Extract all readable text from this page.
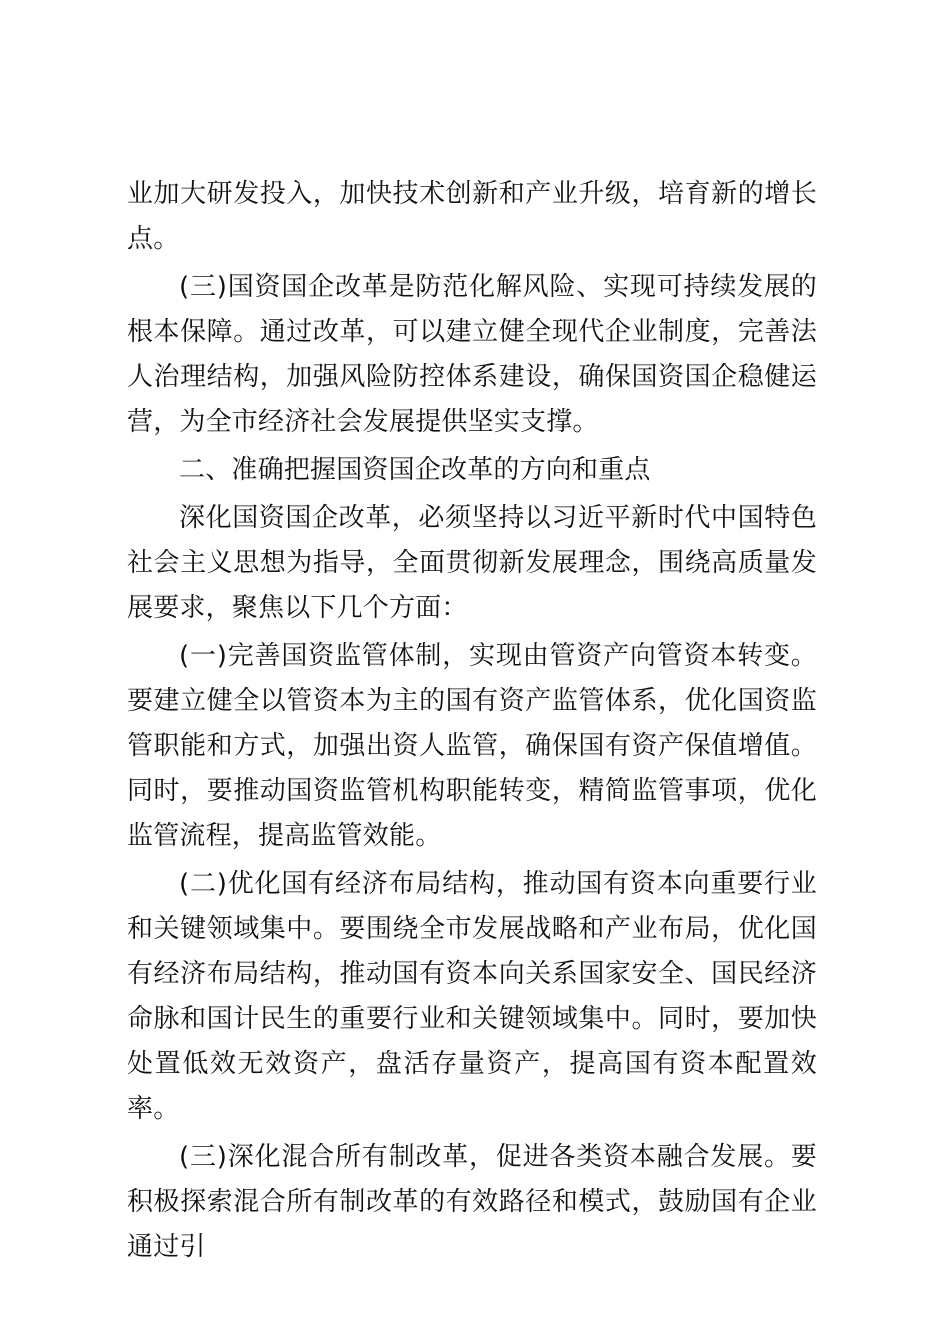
业加大研发投入，加快技术创新和产业升级，培育新的增长点。

(三)国资国企改革是防范化解风险、实现可持续发展的根本保障。通过改革，可以建立健全现代企业制度，完善法人治理结构，加强风险防控体系建设，确保国资国企稳健运营，为全市经济社会发展提供坚实支撑。

二、准确把握国资国企改革的方向和重点

深化国资国企改革，必须坚持以习近平新时代中国特色社会主义思想为指导，全面贯彻新发展理念，围绕高质量发展要求，聚焦以下几个方面：

(一)完善国资监管体制，实现由管资产向管资本转变。要建立健全以管资本为主的国有资产监管体系，优化国资监管职能和方式，加强出资人监管，确保国有资产保值增值。同时，要推动国资监管机构职能转变，精简监管事项，优化监管流程，提高监管效能。

(二)优化国有经济布局结构，推动国有资本向重要行业和关键领域集中。要围绕全市发展战略和产业布局，优化国有经济布局结构，推动国有资本向关系国家安全、国民经济命脉和国计民生的重要行业和关键领域集中。同时，要加快处置低效无效资产，盘活存量资产，提高国有资本配置效率。

(三)深化混合所有制改革，促进各类资本融合发展。要积极探索混合所有制改革的有效路径和模式，鼓励国有企业通过引
